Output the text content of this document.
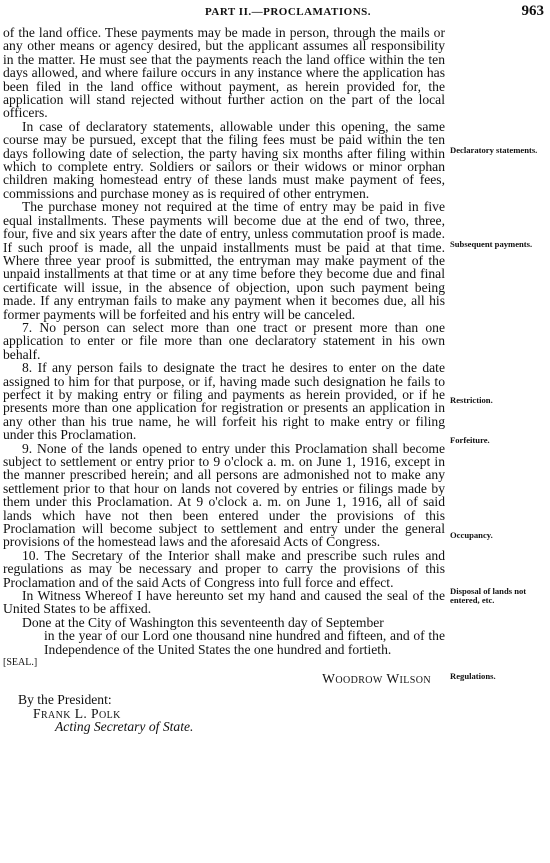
PART II.—PROCLAMATIONS.	963

of the land office. These payments may be made in person, through the mails or any other means or agency desired, but the applicant assumes all responsibility in the matter. He must see that the payments reach the land office within the ten days allowed, and where failure occurs in any instance where the application has been filed in the land office without payment, as herein provided for, the application will stand rejected without further action on the part of the local officers.

In case of declaratory statements, allowable under this opening, the same course may be pursued, except that the filing fees must be paid within the ten days following date of selection, the party having six months after filing within which to complete entry. Soldiers or sailors or their widows or minor orphan children making homestead entry of these lands must make payment of fees, commissions and purchase money as is required of other entrymen.

The purchase money not required at the time of entry may be paid in five equal installments. These payments will become due at the end of two, three, four, five and six years after the date of entry, unless commutation proof is made. If such proof is made, all the unpaid installments must be paid at that time. Where three year proof is submitted, the entryman may make payment of the unpaid installments at that time or at any time before they become due and final certificate will issue, in the absence of objection, upon such payment being made. If any entryman fails to make any payment when it becomes due, all his former payments will be forfeited and his entry will be canceled.

7. No person can select more than one tract or present more than one application to enter or file more than one declaratory statement in his own behalf.

8. If any person fails to designate the tract he desires to enter on the date assigned to him for that purpose, or if, having made such designation he fails to perfect it by making entry or filing and payments as herein provided, or if he presents more than one application for registration or presents an application in any other than his true name, he will forfeit his right to make entry or filing under this Proclamation.

9. None of the lands opened to entry under this Proclamation shall become subject to settlement or entry prior to 9 o'clock a. m. on June 1, 1916, except in the manner prescribed herein; and all persons are admonished not to make any settlement prior to that hour on lands not covered by entries or filings made by them under this Proclamation. At 9 o'clock a. m. on June 1, 1916, all of said lands which have not then been entered under the provisions of this Proclamation will become subject to settlement and entry under the general provisions of the homestead laws and the aforesaid Acts of Congress.

10. The Secretary of the Interior shall make and prescribe such rules and regulations as may be necessary and proper to carry the provisions of this Proclamation and of the said Acts of Congress into full force and effect.

In Witness Whereof I have hereunto set my hand and caused the seal of the United States to be affixed.

Done at the City of Washington this seventeenth day of September

[SEAL.]
in the year of our Lord one thousand nine hundred and fifteen, and of the Independence of the United States the one hundred and fortieth.
Woodrow Wilson
By the President:
Frank L. Polk
Acting Secretary of State.
Declaratory statements.
Subsequent payments.
Restriction.
Forfeiture.
Occupancy.
Disposal of lands not entered, etc.
Regulations.
